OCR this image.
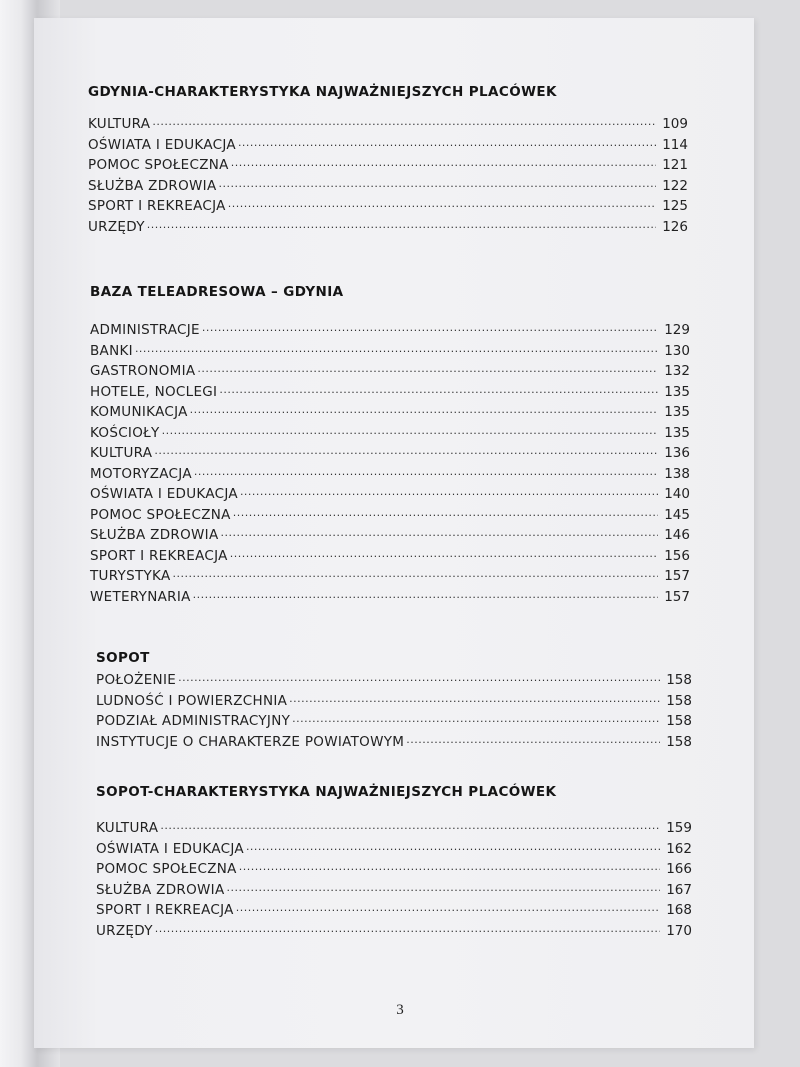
GDYNIA-CHARAKTERYSTYKA NAJWAŻNIEJSZYCH PLACÓWEK
KULTURA .....	109
OŚWIATA I EDUKACJA .....	114
POMOC SPOŁECZNA .....	121
SŁUŻBA ZDROWIA .....	122
SPORT I REKREACJA .....	125
URZĘDY .....	126
BAZA TELEADRESOWA – GDYNIA
ADMINISTRACJE .....	129
BANKI .....	130
GASTRONOMIA .....	132
HOTELE, NOCLEGI .....	135
KOMUNIKACJA .....	135
KOŚCIOŁY .....	135
KULTURA .....	136
MOTORYZACJA .....	138
OŚWIATA I EDUKACJA .....	140
POMOC SPOŁECZNA .....	145
SŁUŻBA ZDROWIA .....	146
SPORT I REKREACJA .....	156
TURYSTYKA .....	157
WETERYNARIA .....	157
SOPOT
POŁOŻENIE .....	158
LUDNOŚĆ I POWIERZCHNIA .....	158
PODZIAŁ ADMINISTRACYJNY .....	158
INSTYTUCJE O CHARAKTERZE POWIATOWYM .....	158
SOPOT-CHARAKTERYSTYKA NAJWAŻNIEJSZYCH PLACÓWEK
KULTURA .....	159
OŚWIATA I EDUKACJA .....	162
POMOC SPOŁECZNA .....	166
SŁUŻBA ZDROWIA .....	167
SPORT I REKREACJA .....	168
URZĘDY .....	170
3
